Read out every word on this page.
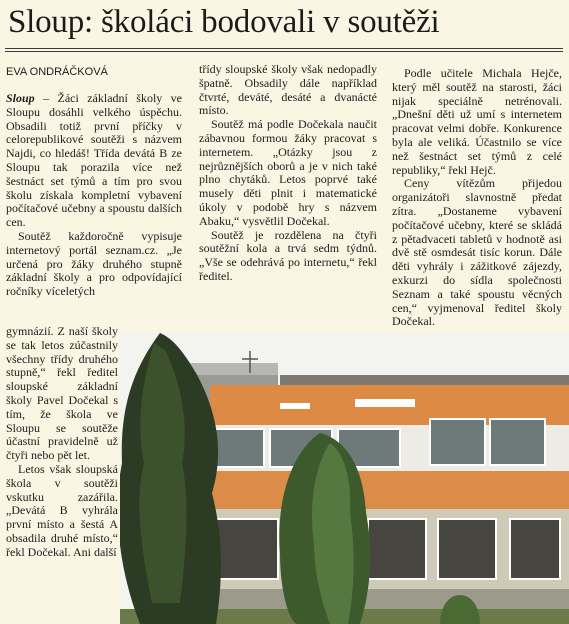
Sloup: školáci bodovali v soutěži
EVA ONDRÁČKOVÁ

Sloup – Žáci základní školy ve Sloupu dosáhli velkého úspěchu. Obsadili totiž první příčky v celorepublikové soutěži s názvem Najdi, co hledáš! Třída devátá B ze Sloupu tak porazila více než šestnáct set týmů a tím pro svou školu získala kompletní vybavení počítačové učebny a spoustu dalších cen.

Soutěž každoročně vypisuje internetový portál seznam.cz. „Je určená pro žáky druhého stupně základní školy a pro odpovídající ročníky víceletých

gymnázií. Z naší školy se tak letos zúčastnily všechny třídy druhého stupně,“ řekl ředitel sloupské základní školy Pavel Dočekal s tím, že škola ve Sloupu se soutěže účastní pravidelně už čtyři nebo pět let.

Letos však sloupská škola v soutěži vskutku zazářila. „Devátá B vyhrála první místo a šestá A obsadila druhé místo,“ řekl Dočekal. Ani další

třídy sloupské školy však nedopadly špatně. Obsadily dále například čtvrté, deváté, desáté a dvanácté místo.

Soutěž má podle Dočekala naučit zábavnou formou žáky pracovat s internetem. „Otázky jsou z nejrůznějších oborů a je v nich také plno chytáků. Letos poprvé také musely děti plnit i matematické úkoly v podobě hry s názvem Abaku,“ vysvětlil Dočekal.

Soutěž je rozdělena na čtyři soutěžní kola a trvá sedm týdnů. „Vše se odehrává po internetu,“ řekl ředitel.

Podle učitele Michala Hejče, který měl soutěž na starosti, žáci nijak speciálně netrénovali. „Dnešní děti už umí s internetem pracovat velmi dobře. Konkurence byla ale veliká. Účastnilo se více než šestnáct set týmů z celé republiky,“ řekl Hejč.

Ceny vítězům přijedou organizátoři slavnostně předat zítra. „Dostaneme vybavení počítačové učebny, které se skládá z pětadvaceti tabletů v hodnotě asi dvě stě osmdesát tisíc korun. Dále děti vyhrály i zážitkové zájezdy, exkurzi do sídla společnosti Seznam a také spoustu věcných cen,“ vyjmenoval ředitel školy Dočekal.
